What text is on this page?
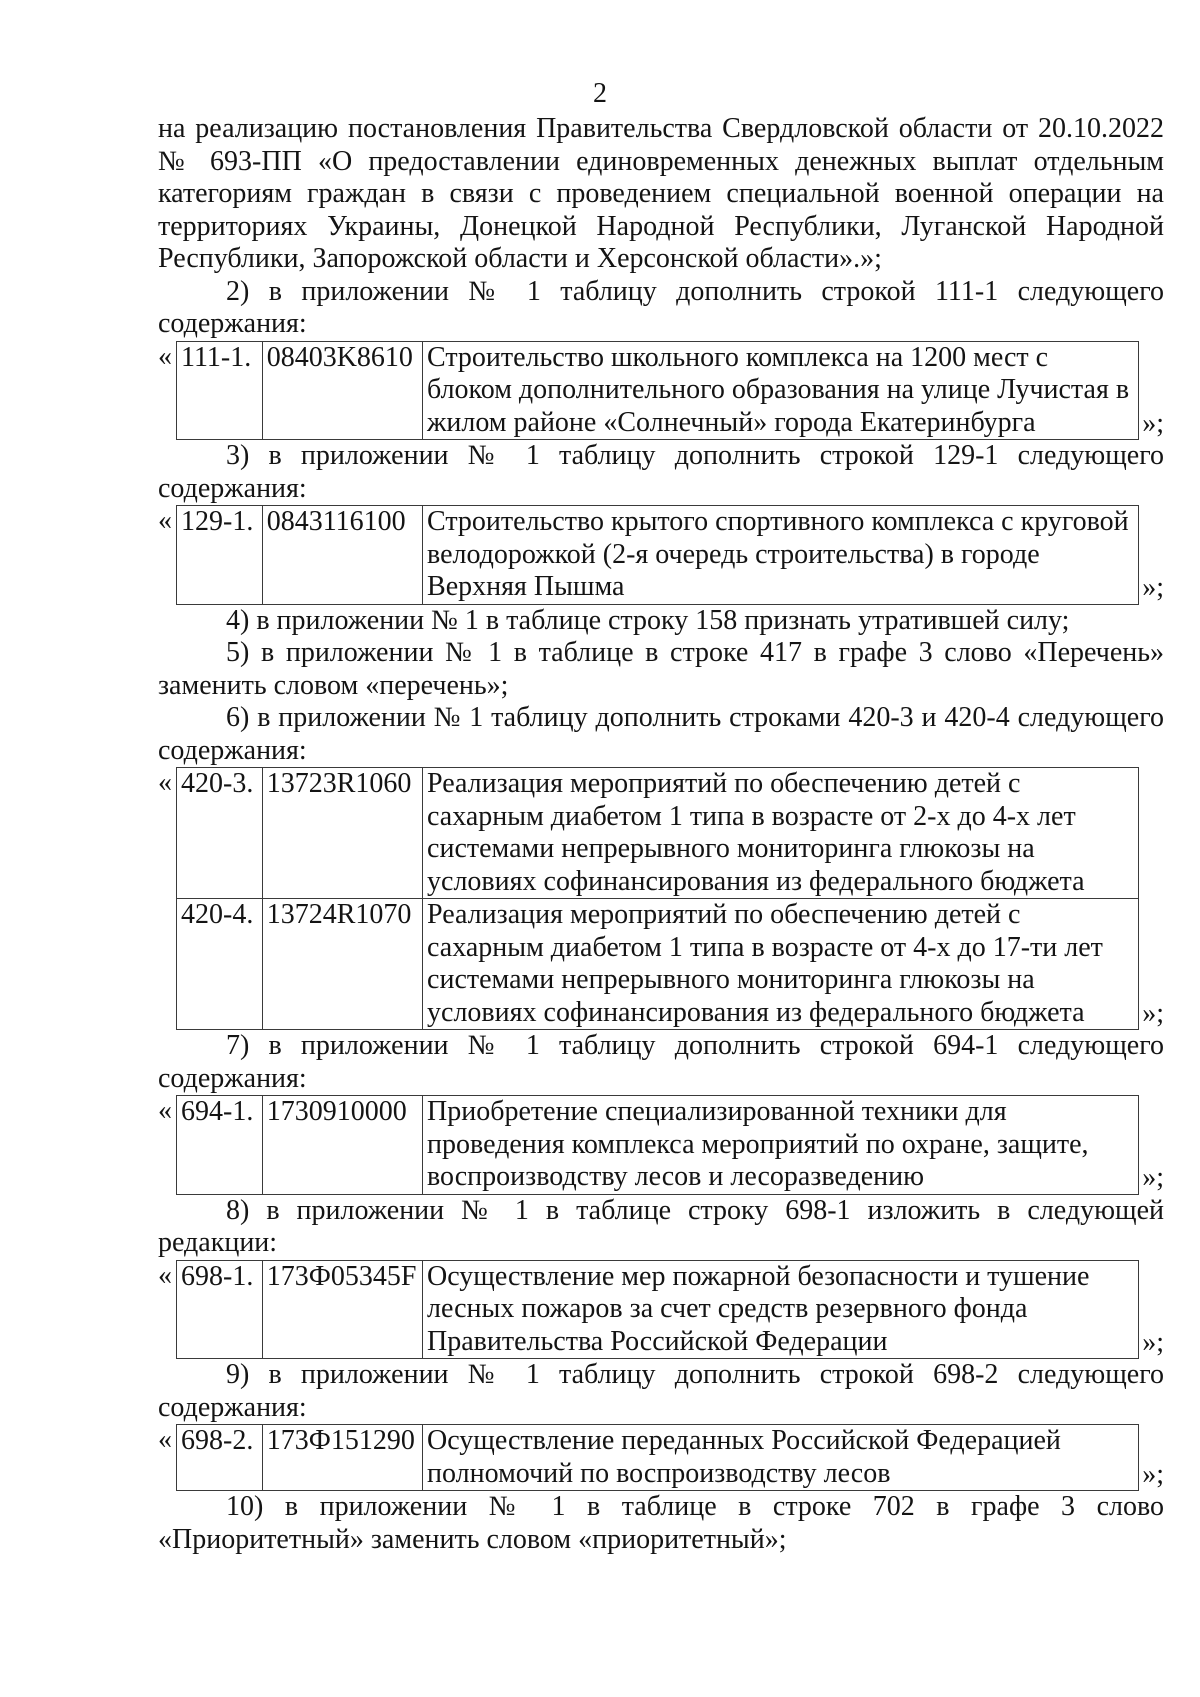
2

на реализацию постановления Правительства Свердловской области от 20.10.2022

№ 693-ПП «О предоставлении единовременных денежных выплат отдельным категориям граждан в связи с проведением специальной военной операции на территориях Украины, Донецкой Народной Республики, Луганской Народной Республики, Запорожской области и Херсонской области».»;

2) в приложении № 1 таблицу дополнить строкой 111-1 следующего содержания:

« 111-1.	08403K8610	Строительство школьного комплекса на 1200 мест с блоком дополнительного образования на улице Лучистая в жилом районе «Солнечный» города Екатеринбурга	»;

3) в приложении № 1 таблицу дополнить строкой 129-1 следующего содержания:

« 129-1.	0843116100	Строительство крытого спортивного комплекса с круговой велодорожкой (2-я очередь строительства) в городе Верхняя Пышма	»;

4) в приложении № 1 в таблице строку 158 признать утратившей силу;

5) в приложении № 1 в таблице в строке 417 в графе 3 слово «Перечень» заменить словом «перечень»;

6) в приложении № 1 таблицу дополнить строками 420-3 и 420-4 следующего содержания:

« 420-3.	13723R1060	Реализация мероприятий по обеспечению детей с сахарным диабетом 1 типа в возрасте от 2-х до 4-х лет системами непрерывного мониторинга глюкозы на условиях софинансирования из федерального бюджета
420-4.	13724R1070	Реализация мероприятий по обеспечению детей с сахарным диабетом 1 типа в возрасте от 4-х до 17-ти лет системами непрерывного мониторинга глюкозы на условиях софинансирования из федерального бюджета »;

7) в приложении № 1 таблицу дополнить строкой 694-1 следующего содержания:

« 694-1.	1730910000	Приобретение специализированной техники для проведения комплекса мероприятий по охране, защите, воспроизводству лесов и лесоразведению	»;

8) в приложении № 1 в таблице строку 698-1 изложить в следующей редакции:

« 698-1.	173Ф05345F	Осуществление мер пожарной безопасности и тушение лесных пожаров за счет средств резервного фонда Правительства Российской Федерации	»;

9) в приложении № 1 таблицу дополнить строкой 698-2 следующего содержания:

« 698-2.	173Ф151290	Осуществление переданных Российской Федерацией полномочий по воспроизводству лесов	»;

10) в приложении № 1 в таблице в строке 702 в графе 3 слово «Приоритетный» заменить словом «приоритетный»;
